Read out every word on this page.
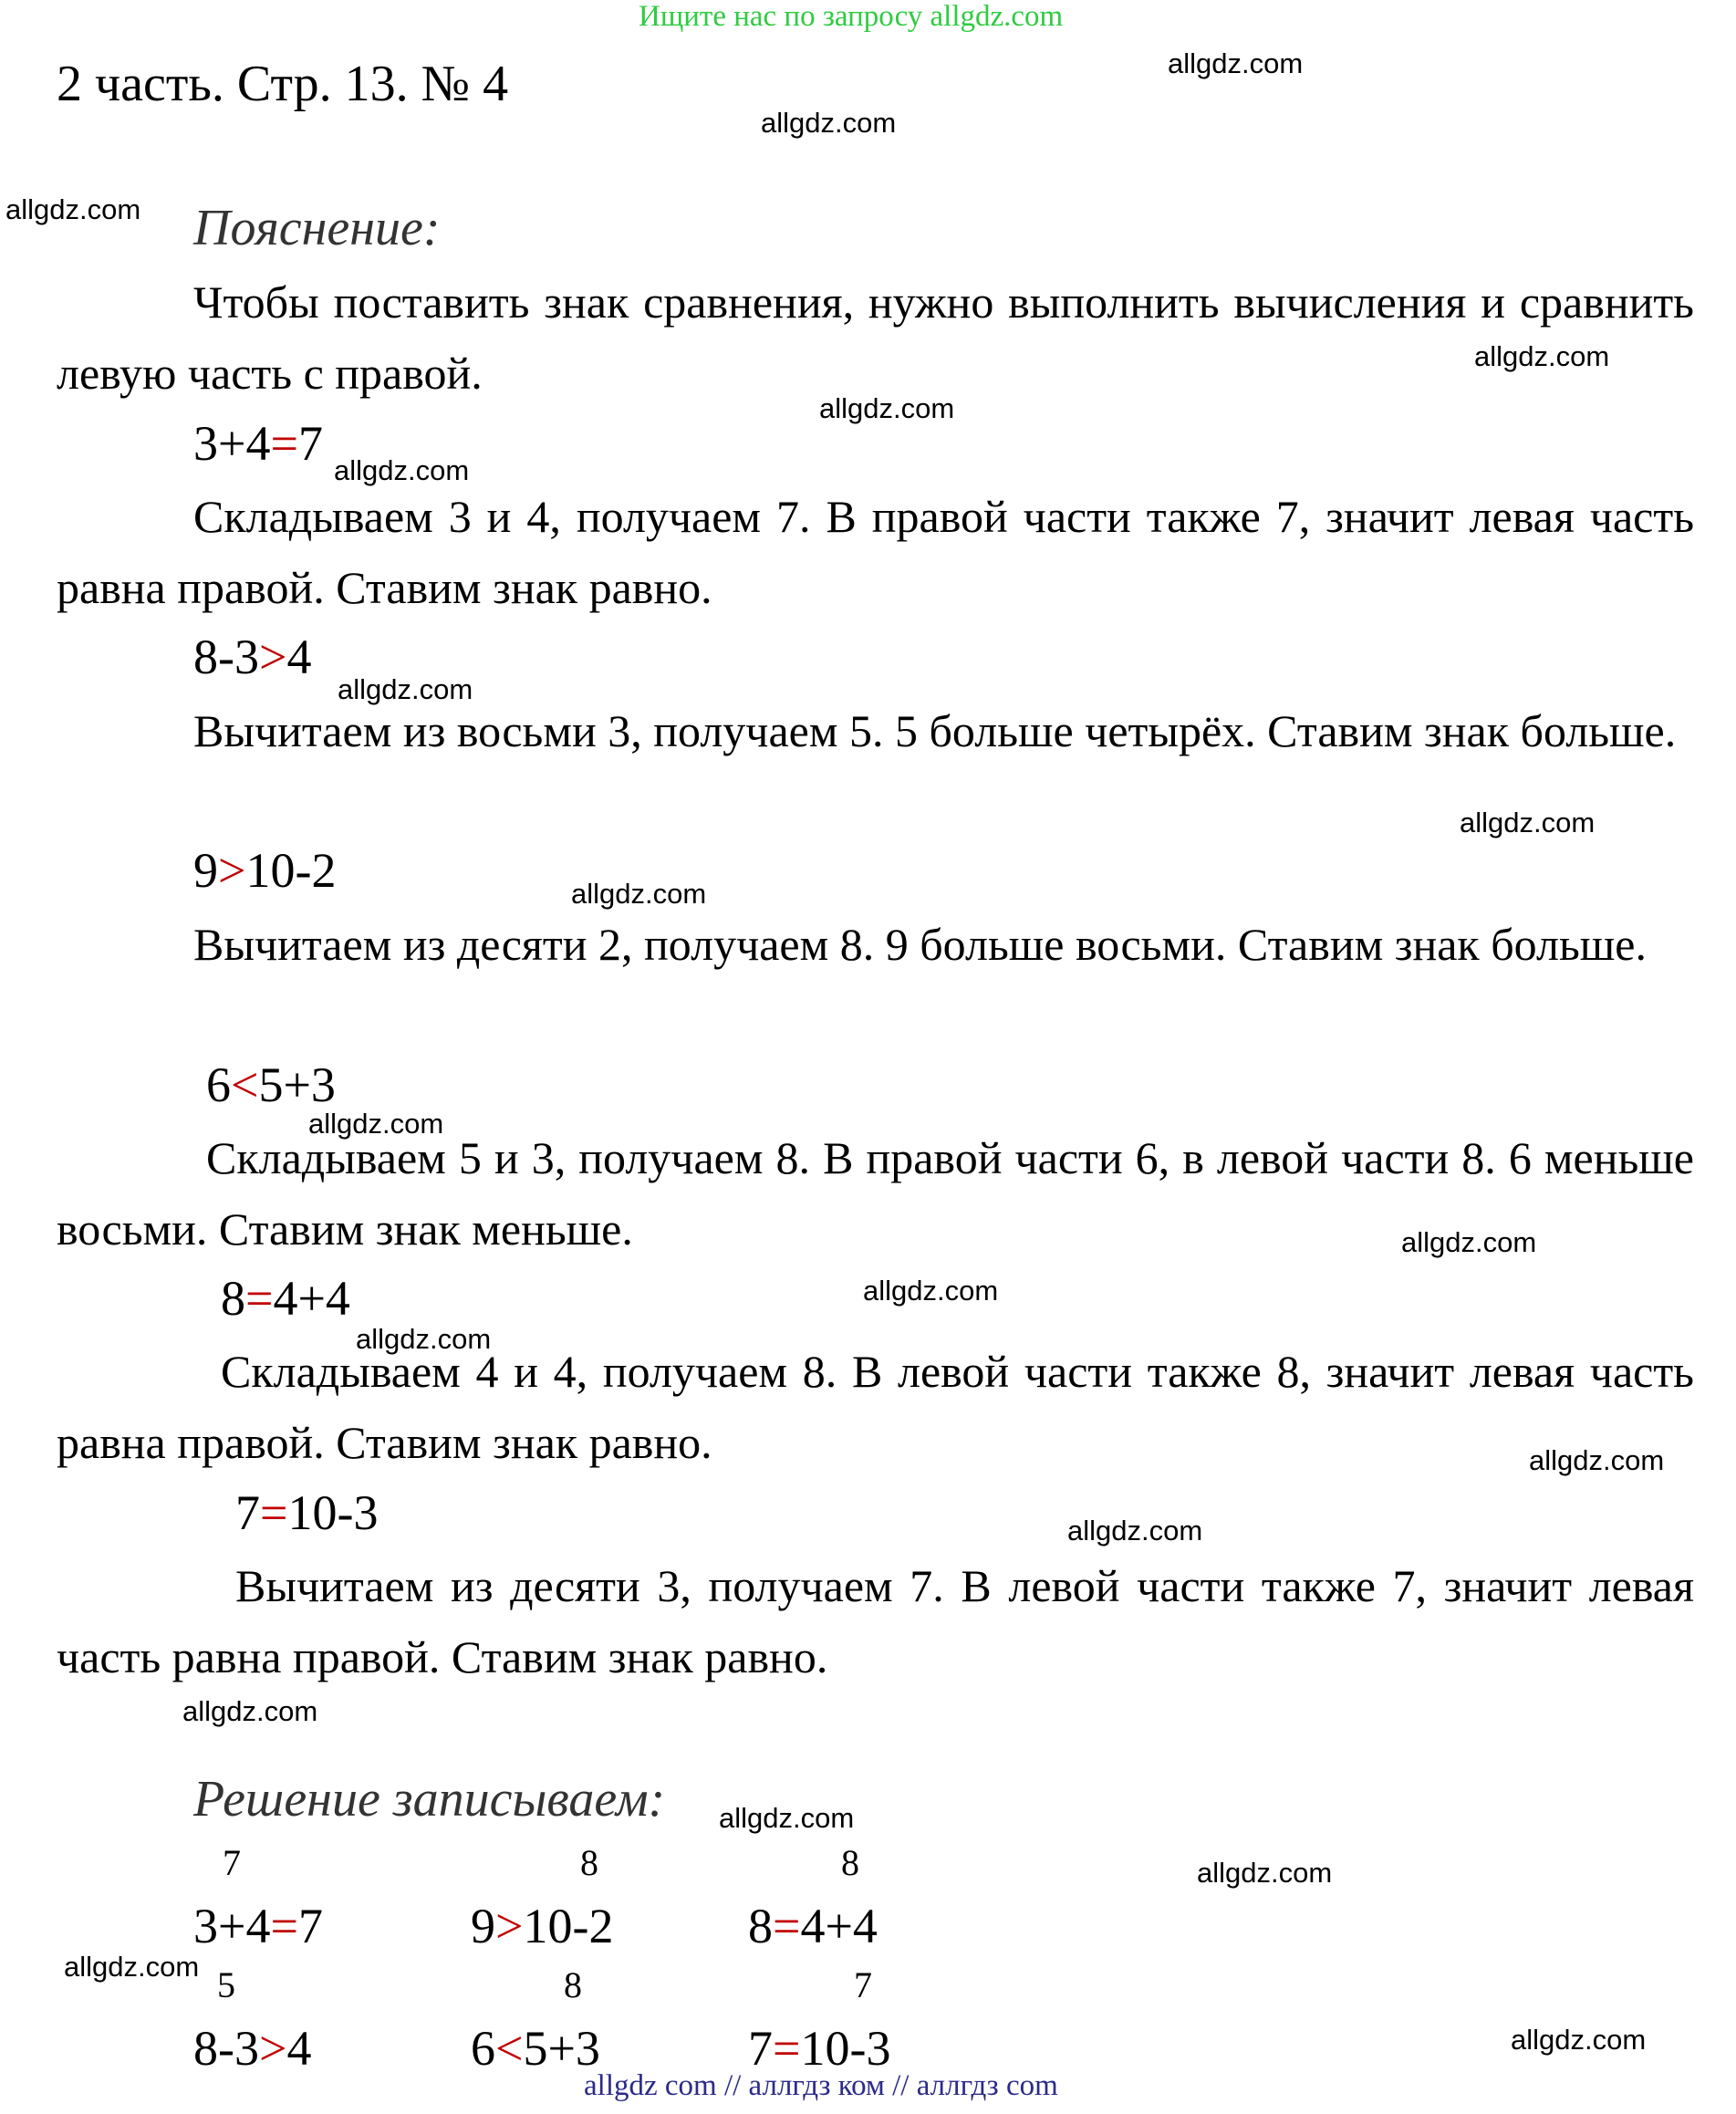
Ищите нас по запросу allgdz.com
allgdz com // аллгдз ком // аллгдз com
2 часть. Стр. 13. № 4
Пояснение:
Чтобы поставить знак сравнения, нужно выполнить вычисления и сравнить левую часть с правой.
3+4=7
Складываем 3 и 4, получаем 7. В правой части также 7, значит левая часть равна правой. Ставим знак равно.
8-3>4
Вычитаем из восьми 3, получаем 5. 5 больше четырёх. Ставим знак больше.
9>10-2
Вычитаем из десяти 2, получаем 8. 9 больше восьми. Ставим знак больше.
6<5+3
Складываем 5 и 3, получаем 8. В правой части 6, в левой части 8. 6 меньше восьми. Ставим знак меньше.
8=4+4
Складываем 4 и 4, получаем 8. В левой части также 8, значит левая часть равна правой. Ставим знак равно.
7=10-3
Вычитаем из десяти 3, получаем 7. В левой части также 7, значит левая часть равна правой. Ставим знак равно.
Решение записываем:
7	8	8
3+4=7	9>10-2	8=4+4
5	8	7
8-3>4	6<5+3	7=10-3
allgdz.com
allgdz.com
allgdz.com
allgdz.com
allgdz.com
allgdz.com
allgdz.com
allgdz.com
allgdz.com
allgdz.com
allgdz.com
allgdz.com
allgdz.com
allgdz.com
allgdz.com
allgdz.com
allgdz.com
allgdz.com
allgdz.com
allgdz.com
